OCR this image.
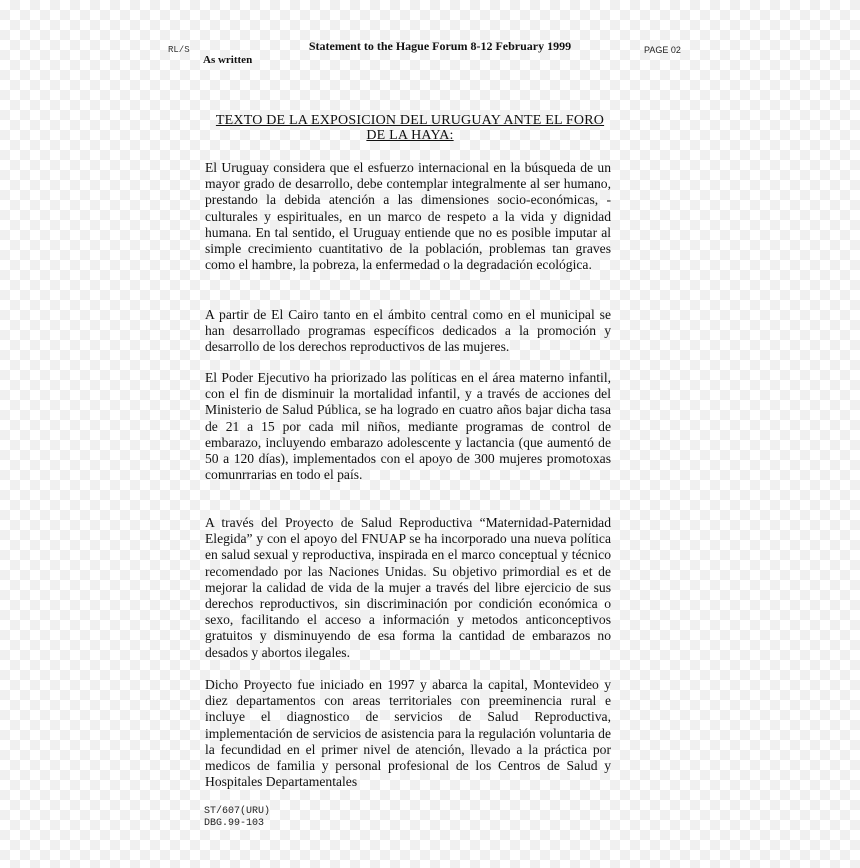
RL/S	Statement to the Hague Forum 8-12 February 1999
As written
PAGE 02
TEXTO DE LA EXPOSICION DEL URUGUAY ANTE EL FORO DE LA HAYA:

El Uruguay considera que el esfuerzo internacional en la búsqueda de un mayor grado de desarrollo, debe contemplar integralmente al ser humano, prestando la debida atención a las dimensiones socio-económicas, -culturales y espirituales, en un marco de respeto a la vida y dignidad humana. En tal sentido, el Uruguay entiende que no es posible imputar al simple crecimiento cuantitativo de la población, problemas tan graves como el hambre, la pobreza, la enfermedad o la degradación ecológica.

A partir de El Cairo tanto en el ámbito central como en el municipal se han desarrollado programas específicos dedicados a la promoción y desarrollo de los derechos reproductivos de las mujeres.

El Poder Ejecutivo ha priorizado las políticas en el área materno infantil, con el fin de disminuir la mortalidad infantil, y a través de acciones del Ministerio de Salud Pública, se ha logrado en cuatro años bajar dicha tasa de 21 a 15 por cada mil niños, mediante programas de control de embarazo, incluyendo embarazo adolescente y lactancia (que aumentó de 50 a 120 días), implementados con el apoyo de 300 mujeres promotoxas comunrrarias en todo el país.

A través del Proyecto de Salud Reproductiva “Maternidad-Paternidad Elegida” y con el apoyo del FNUAP se ha incorporado una nueva política en salud sexual y reproductiva, inspirada en el marco conceptual y técnico recomendado por las Naciones Unidas. Su objetivo primordial es et de mejorar la calidad de vida de la mujer a través del libre ejercicio de sus derechos reproductivos, sin discriminación por condición económica o sexo, facilitando el acceso a información y metodos anticonceptivos gratuitos y disminuyendo de esa forma la cantidad de embarazos no desados y abortos ilegales.

Dicho Proyecto fue iniciado en 1997 y abarca la capital, Montevideo y diez departamentos con areas territoriales con preeminencia rural e incluye el diagnostico de servicios de Salud Reproductiva, implementación de servicios de asistencia para la regulación voluntaria de la fecundidad en el primer nivel de atención, llevado a la práctica por medicos de familia y personal profesional de los Centros de Salud y Hospitales Departamentales

ST/607(URU)
DBG.99-103
